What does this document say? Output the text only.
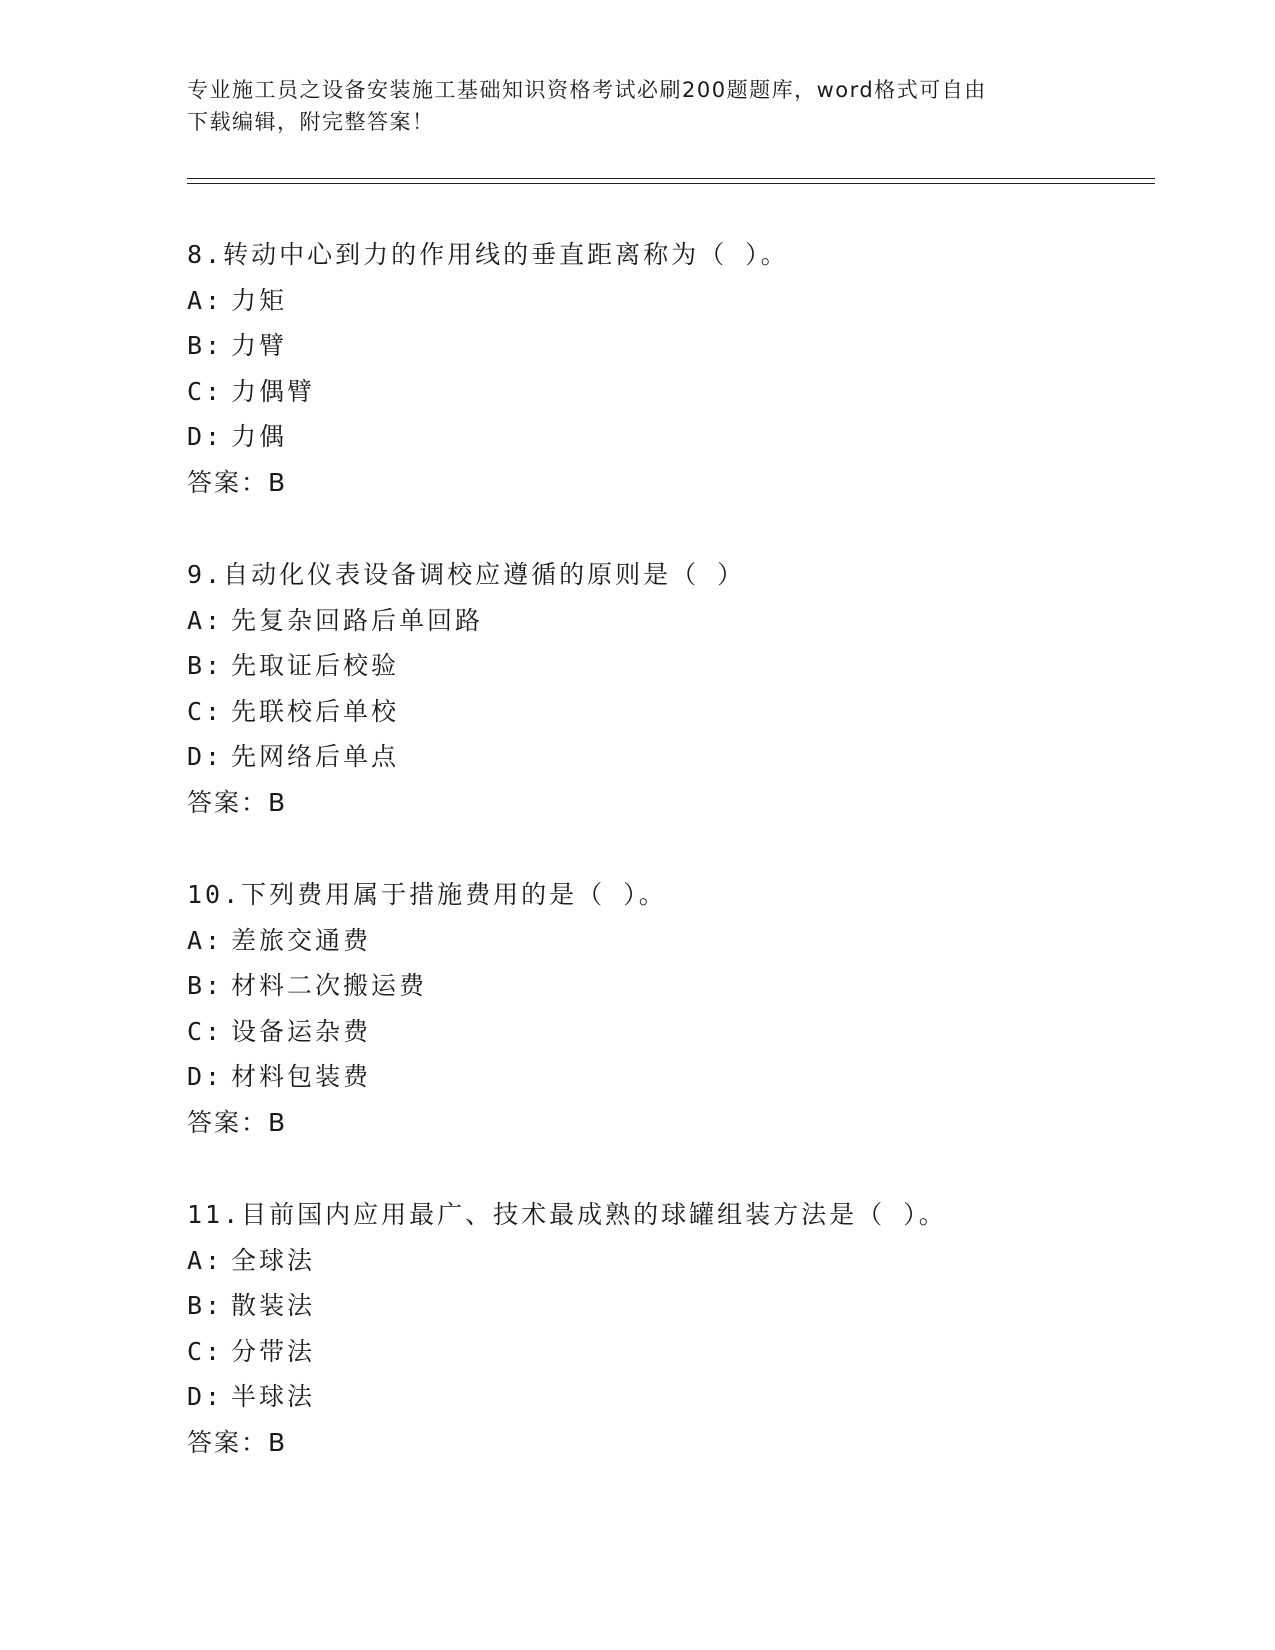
专业施工员之设备安装施工基础知识资格考试必刷200题题库，word格式可自由
下载编辑，附完整答案！
8.转动中心到力的作用线的垂直距离称为（ ）。
A: 力矩
B: 力臂
C: 力偶臂
D: 力偶
答案：B
9.自动化仪表设备调校应遵循的原则是（ ）
A: 先复杂回路后单回路
B: 先取证后校验
C: 先联校后单校
D: 先网络后单点
答案：B
10.下列费用属于措施费用的是（ ）。
A: 差旅交通费
B: 材料二次搬运费
C: 设备运杂费
D: 材料包装费
答案：B
11.目前国内应用最广、技术最成熟的球罐组装方法是（ ）。
A: 全球法
B: 散装法
C: 分带法
D: 半球法
答案：B
